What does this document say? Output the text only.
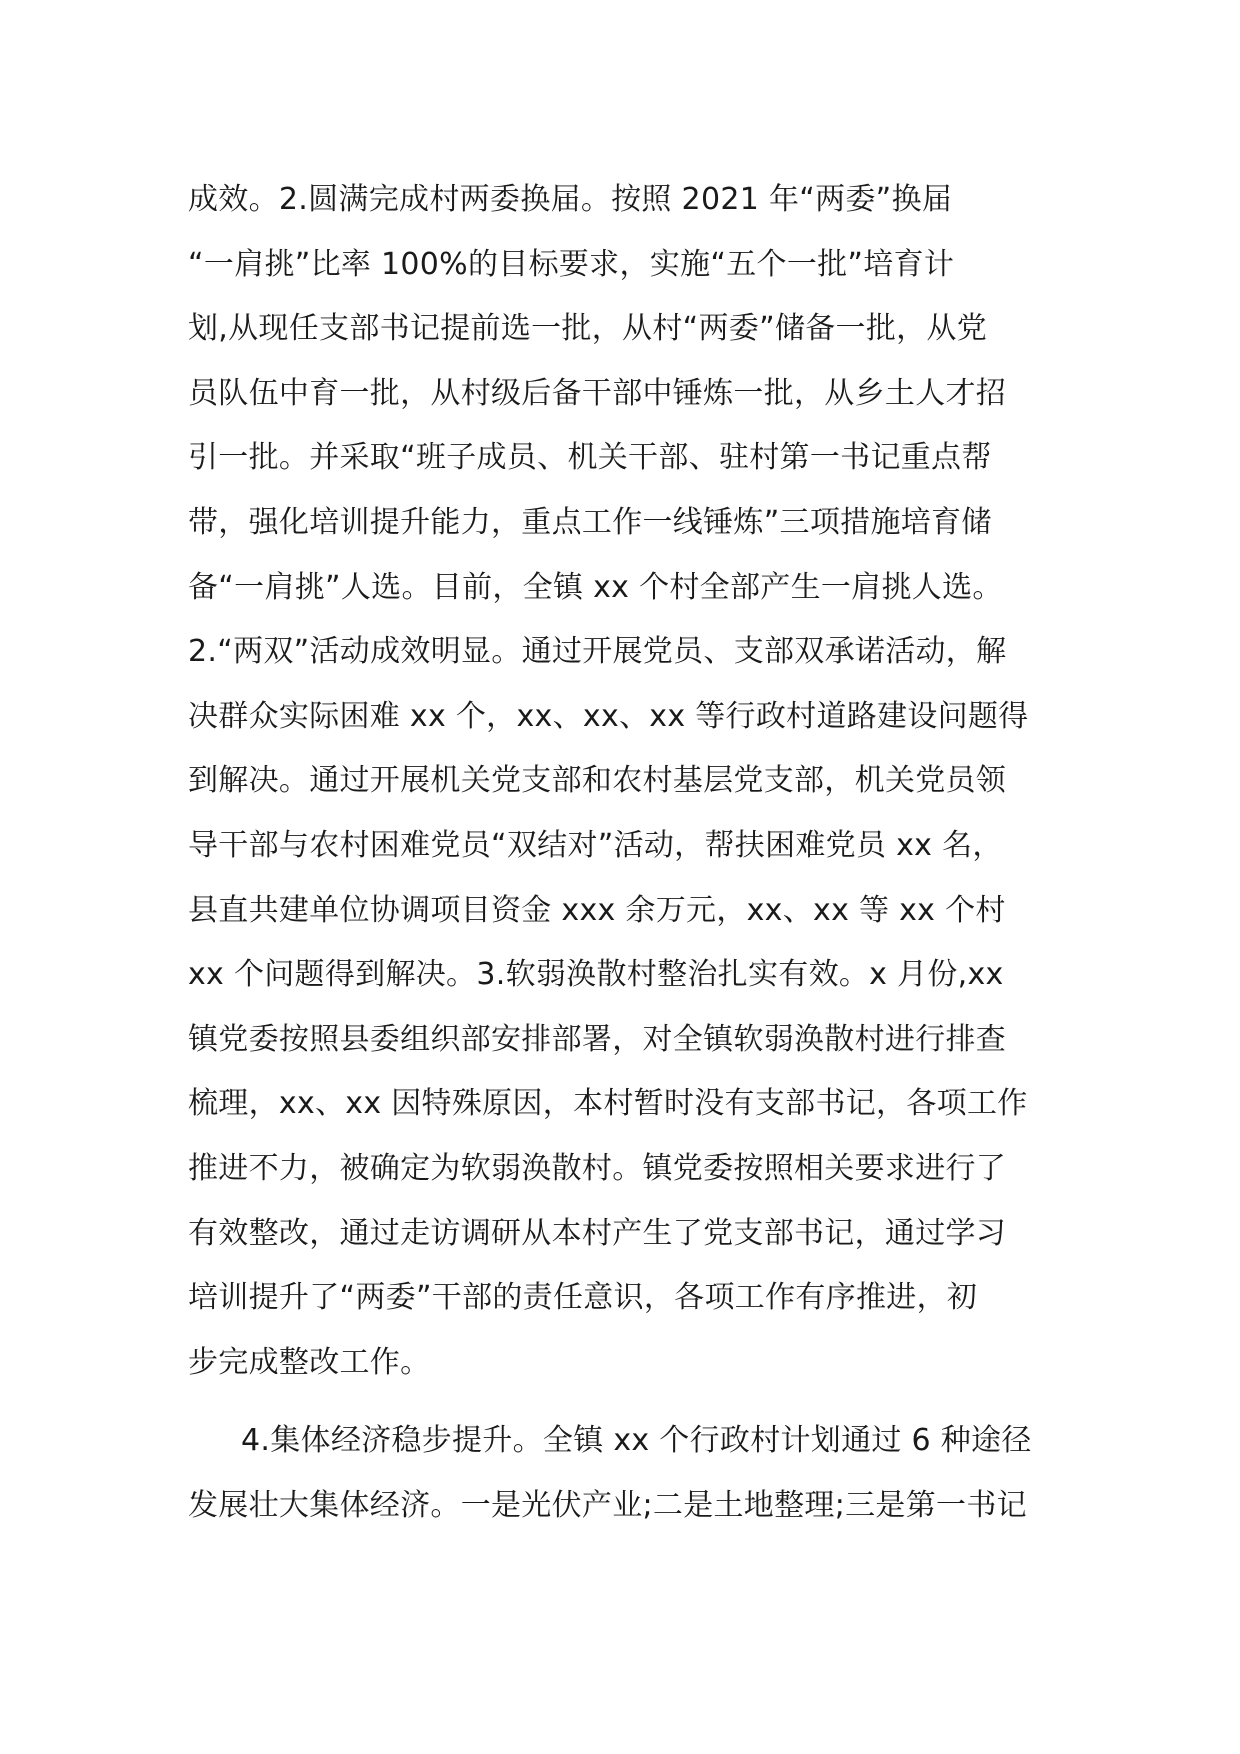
成效。2.圆满完成村两委换届。按照 2021 年“两委”换届
“一肩挑”比率 100%的目标要求，实施“五个一批”培育计
划,从现任支部书记提前选一批，从村“两委”储备一批，从党
员队伍中育一批，从村级后备干部中锤炼一批，从乡土人才招
引一批。并采取“班子成员、机关干部、驻村第一书记重点帮
带，强化培训提升能力，重点工作一线锤炼”三项措施培育储
备“一肩挑”人选。目前，全镇 xx 个村全部产生一肩挑人选。
2.“两双”活动成效明显。通过开展党员、支部双承诺活动，解
决群众实际困难 xx 个，xx、xx、xx 等行政村道路建设问题得
到解决。通过开展机关党支部和农村基层党支部，机关党员领
导干部与农村困难党员“双结对”活动，帮扶困难党员 xx 名，
县直共建单位协调项目资金 xxx 余万元，xx、xx 等 xx 个村
xx 个问题得到解决。3.软弱涣散村整治扎实有效。x 月份,xx
镇党委按照县委组织部安排部署，对全镇软弱涣散村进行排查
梳理，xx、xx 因特殊原因，本村暂时没有支部书记，各项工作
推进不力，被确定为软弱涣散村。镇党委按照相关要求进行了
有效整改，通过走访调研从本村产生了党支部书记，通过学习
培训提升了“两委”干部的责任意识，各项工作有序推进，初
步完成整改工作。
4.集体经济稳步提升。全镇 xx 个行政村计划通过 6 种途径
发展壮大集体经济。一是光伏产业;二是土地整理;三是第一书记
